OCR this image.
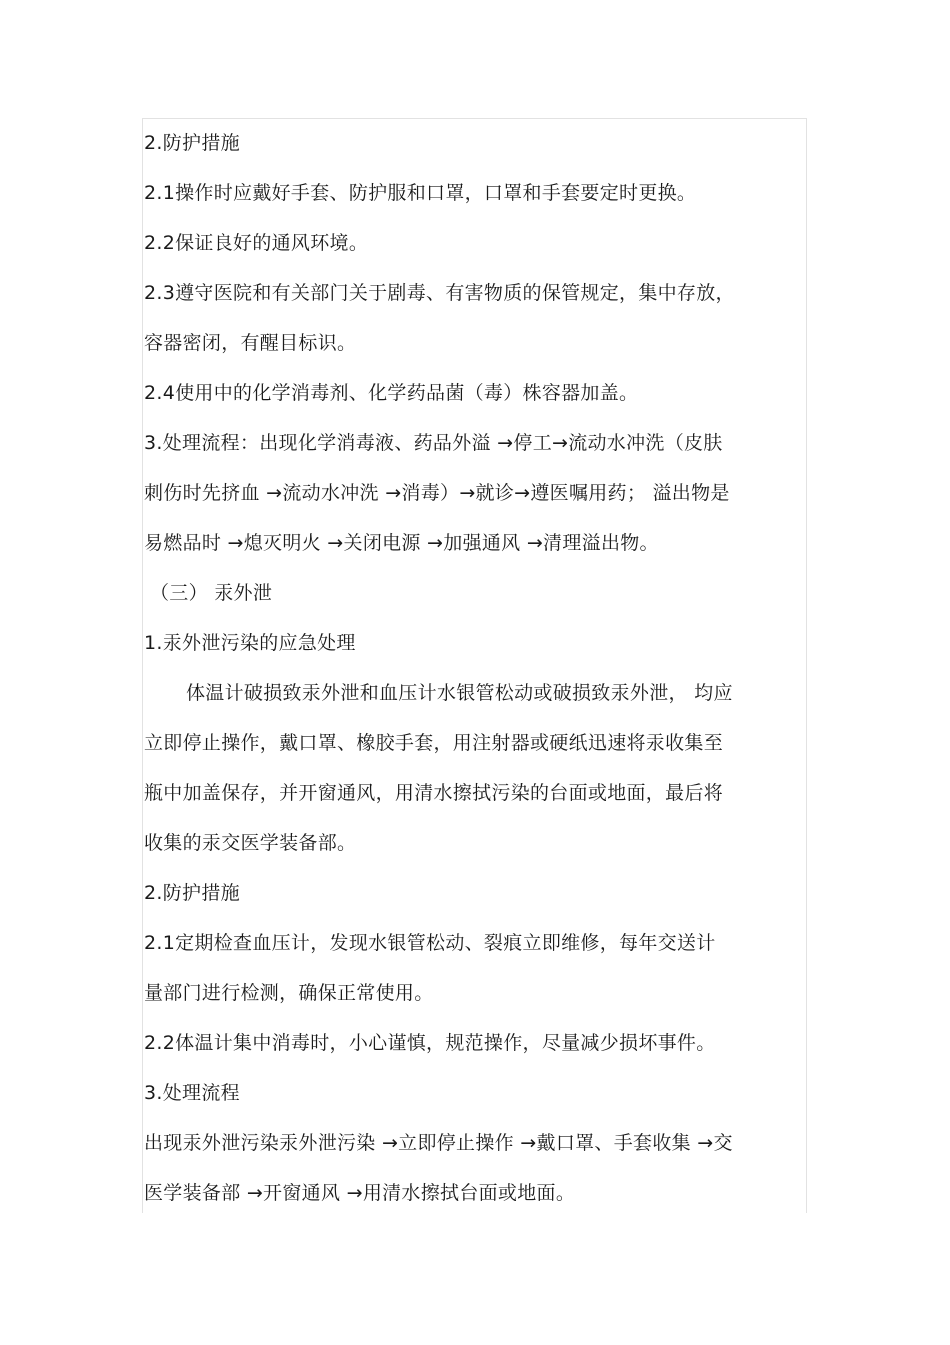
2.防护措施
2.1操作时应戴好手套、防护服和口罩，口罩和手套要定时更换。
2.2保证良好的通风环境。
2.3遵守医院和有关部门关于剧毒、有害物质的保管规定，集中存放，
容器密闭，有醒目标识。
2.4使用中的化学消毒剂、化学药品菌（毒）株容器加盖。
3.处理流程：出现化学消毒液、药品外溢 →停工→流动水冲洗（皮肤
刺伤时先挤血 →流动水冲洗 →消毒）→就诊→遵医嘱用药； 溢出物是
易燃品时 →熄灭明火 →关闭电源 →加强通风 →清理溢出物。
（三） 汞外泄
1.汞外泄污染的应急处理
体温计破损致汞外泄和血压计水银管松动或破损致汞外泄， 均应
立即停止操作，戴口罩、橡胶手套，用注射器或硬纸迅速将汞收集至
瓶中加盖保存，并开窗通风，用清水擦拭污染的台面或地面，最后将
收集的汞交医学装备部。
2.防护措施
2.1定期检查血压计，发现水银管松动、裂痕立即维修，每年交送计
量部门进行检测，确保正常使用。
2.2体温计集中消毒时，小心谨慎，规范操作，尽量减少损坏事件。
3.处理流程
出现汞外泄污染汞外泄污染 →立即停止操作 →戴口罩、手套收集 →交
医学装备部 →开窗通风 →用清水擦拭台面或地面。
